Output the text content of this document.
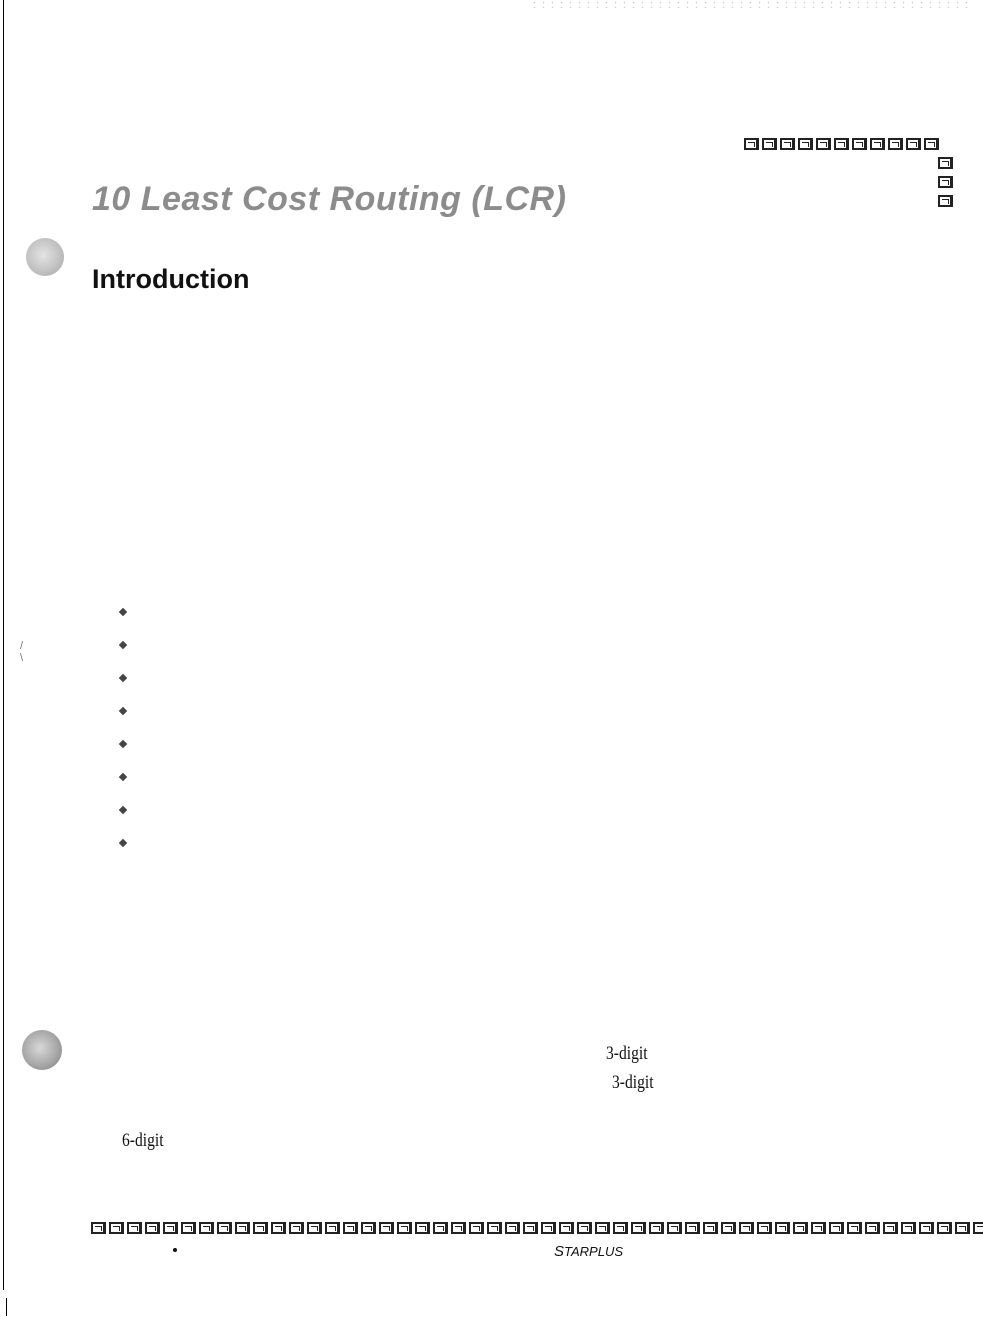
10 Least Cost Routing (LCR)
Introduction
/
\
3-digit
3-digit
6-digit
STARPLUS
